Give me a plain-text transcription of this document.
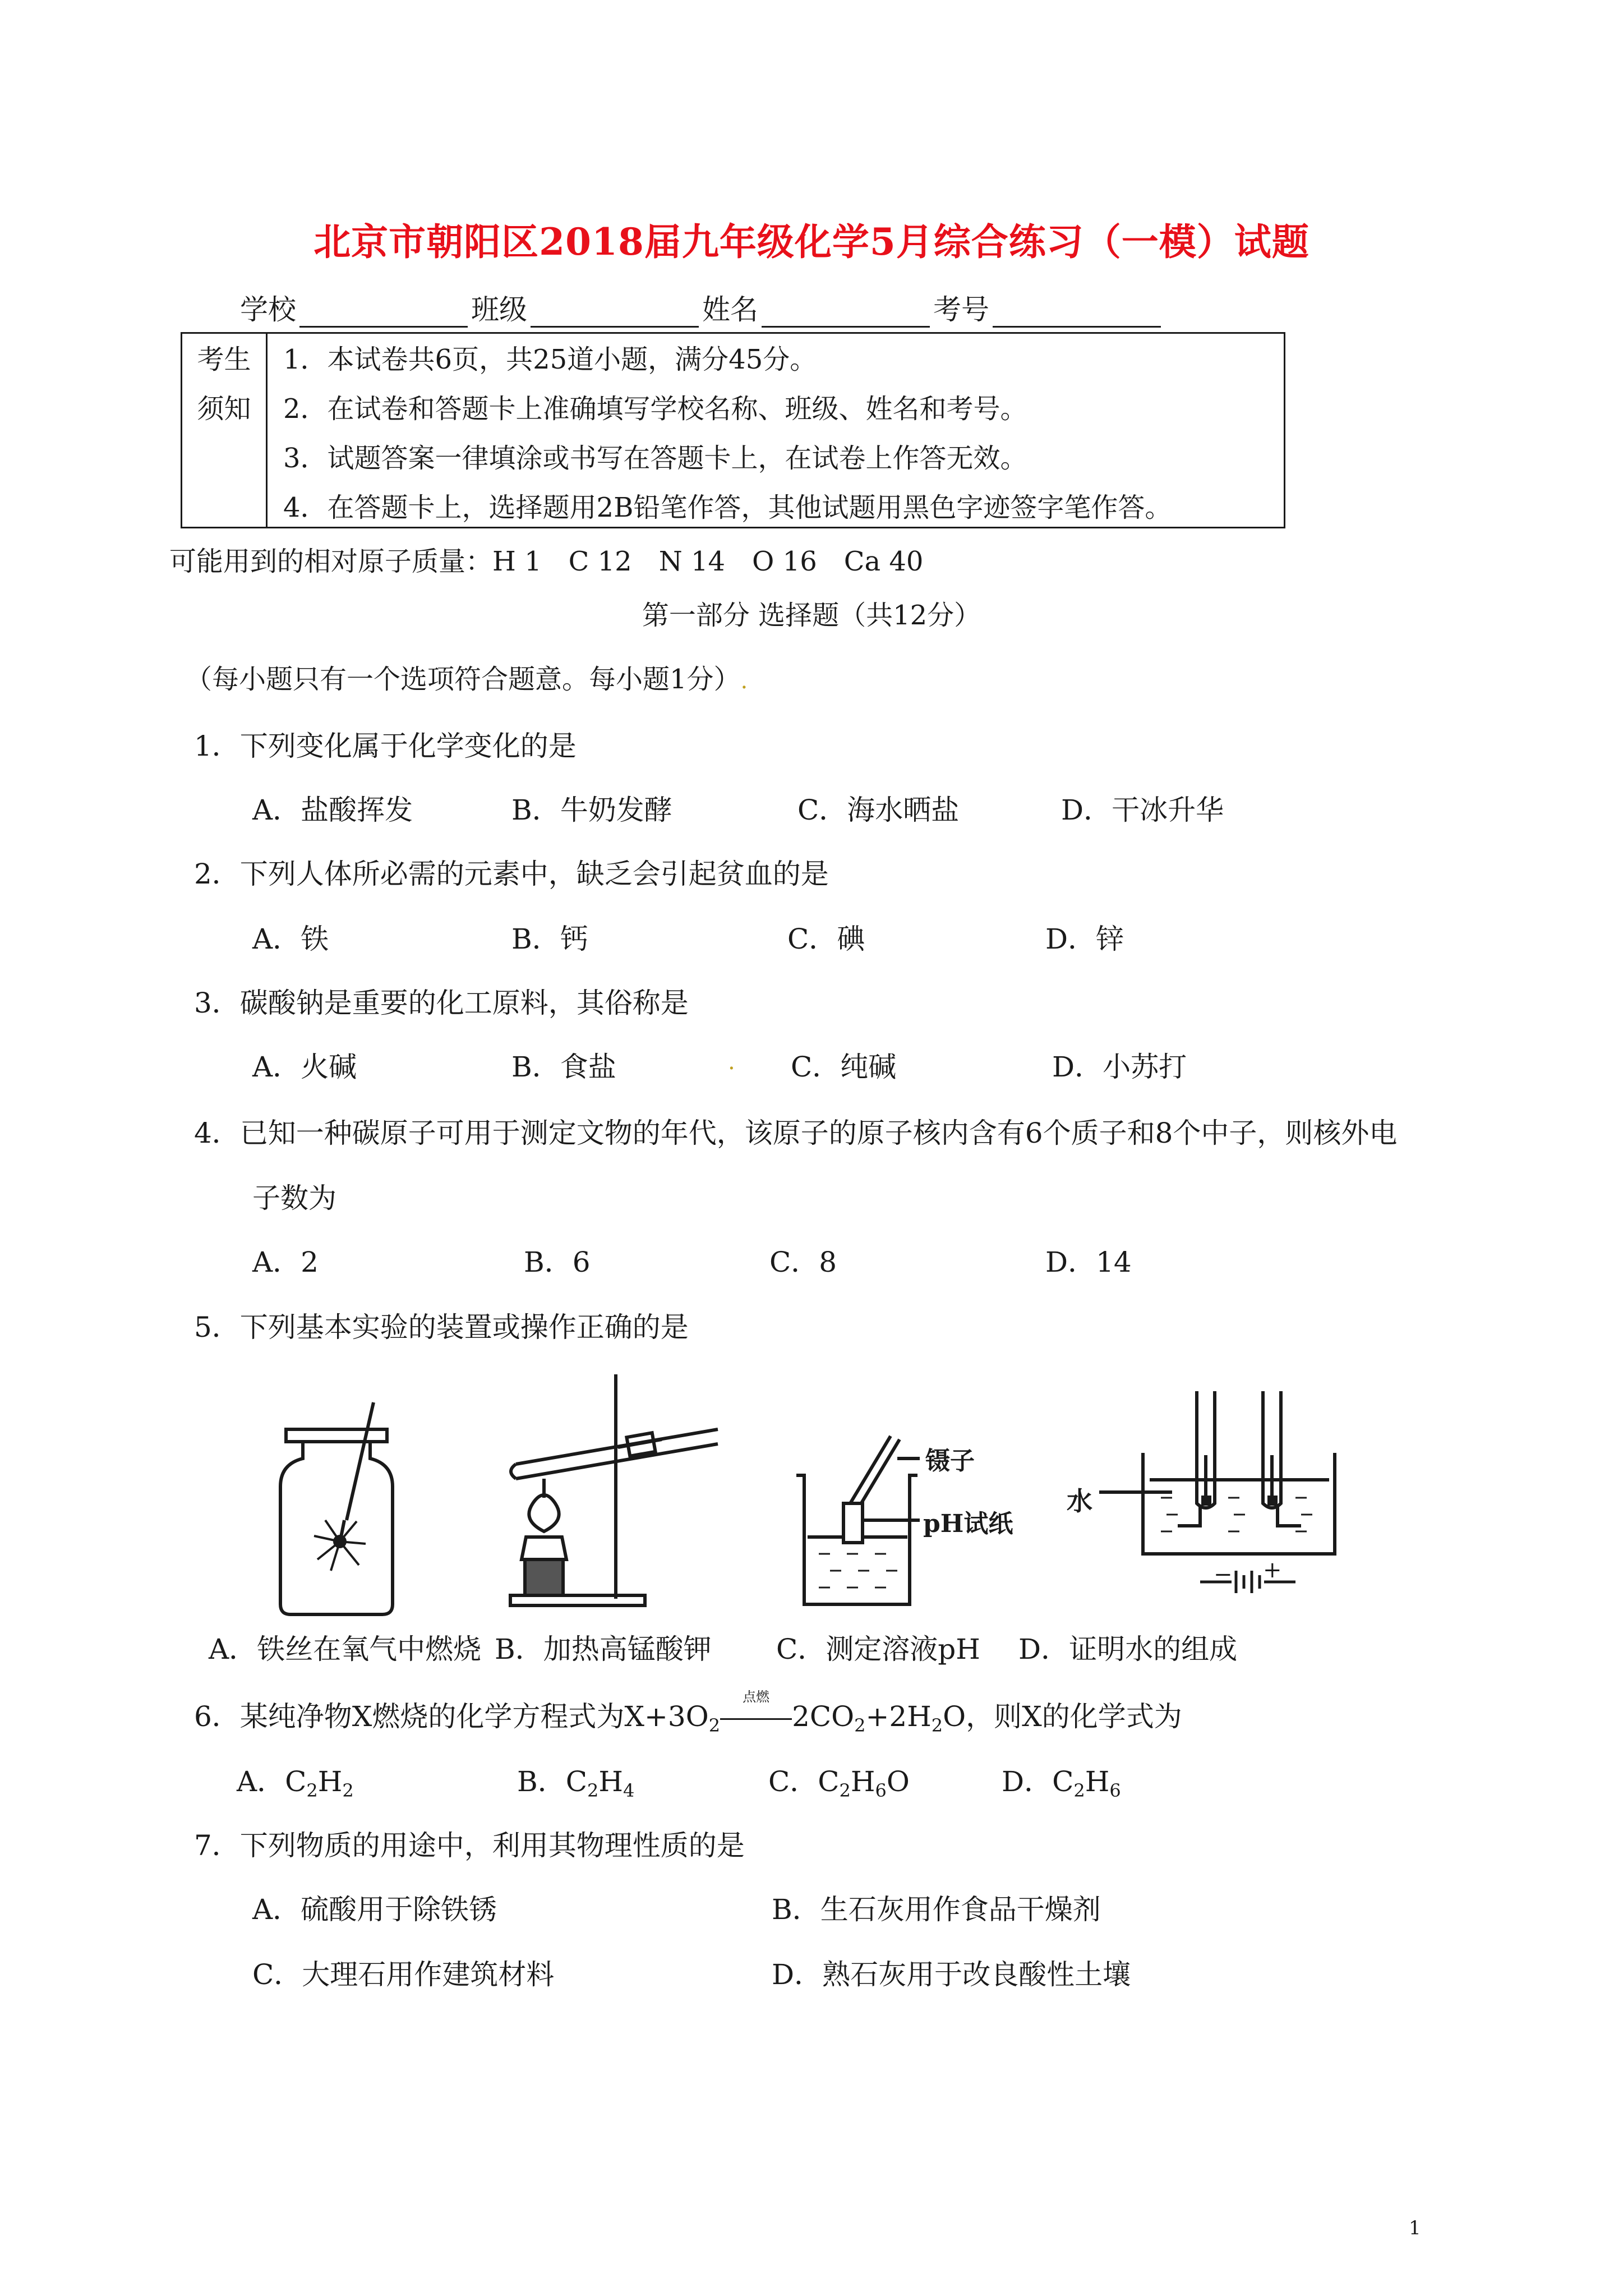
北京市朝阳区2018届九年级化学5月综合练习（一模）试题
学校	班级	姓名	考号
考生
须知
1．本试卷共6页，共25道小题，满分45分。
2．在试卷和答题卡上准确填写学校名称、班级、姓名和考号。
3．试题答案一律填涂或书写在答题卡上，在试卷上作答无效。
4．在答题卡上，选择题用2B铅笔作答，其他试题用黑色字迹签字笔作答。
可能用到的相对原子质量：H 1　C 12　N 14　O 16　Ca 40
第一部分 选择题（共12分）
（每小题只有一个选项符合题意。每小题1分）.
1．下列变化属于化学变化的是
A．盐酸挥发	B．牛奶发酵	C．海水晒盐	D．干冰升华
2．下列人体所必需的元素中，缺乏会引起贫血的是
A．铁	B．钙	C．碘	D．锌
3．碳酸钠是重要的化工原料，其俗称是
A．火碱	B．食盐	. C．纯碱	D．小苏打
4．已知一种碳原子可用于测定文物的年代，该原子的原子核内含有6个质子和8个中子，则核外电
子数为
A．2	B．6	C．8	D．14
5．下列基本实验的装置或操作正确的是
镊子
pH试纸
水
− +
A．铁丝在氧气中燃烧 B．加热高锰酸钾 C．测定溶液pH D．证明水的组成
6．某纯净物X燃烧的化学方程式为$X+3O_2$
点燃
$2CO_2+2H_2O$，则X的化学式为
A．$C_2H_2$	B．$C_2H_4$	C．$C_2H_6O$	D．$C_2H_6$
7．下列物质的用途中，利用其物理性质的是
A．硫酸用于除铁锈	B．生石灰用作食品干燥剂
C．大理石用作建筑材料	D．熟石灰用于改良酸性土壤
1
